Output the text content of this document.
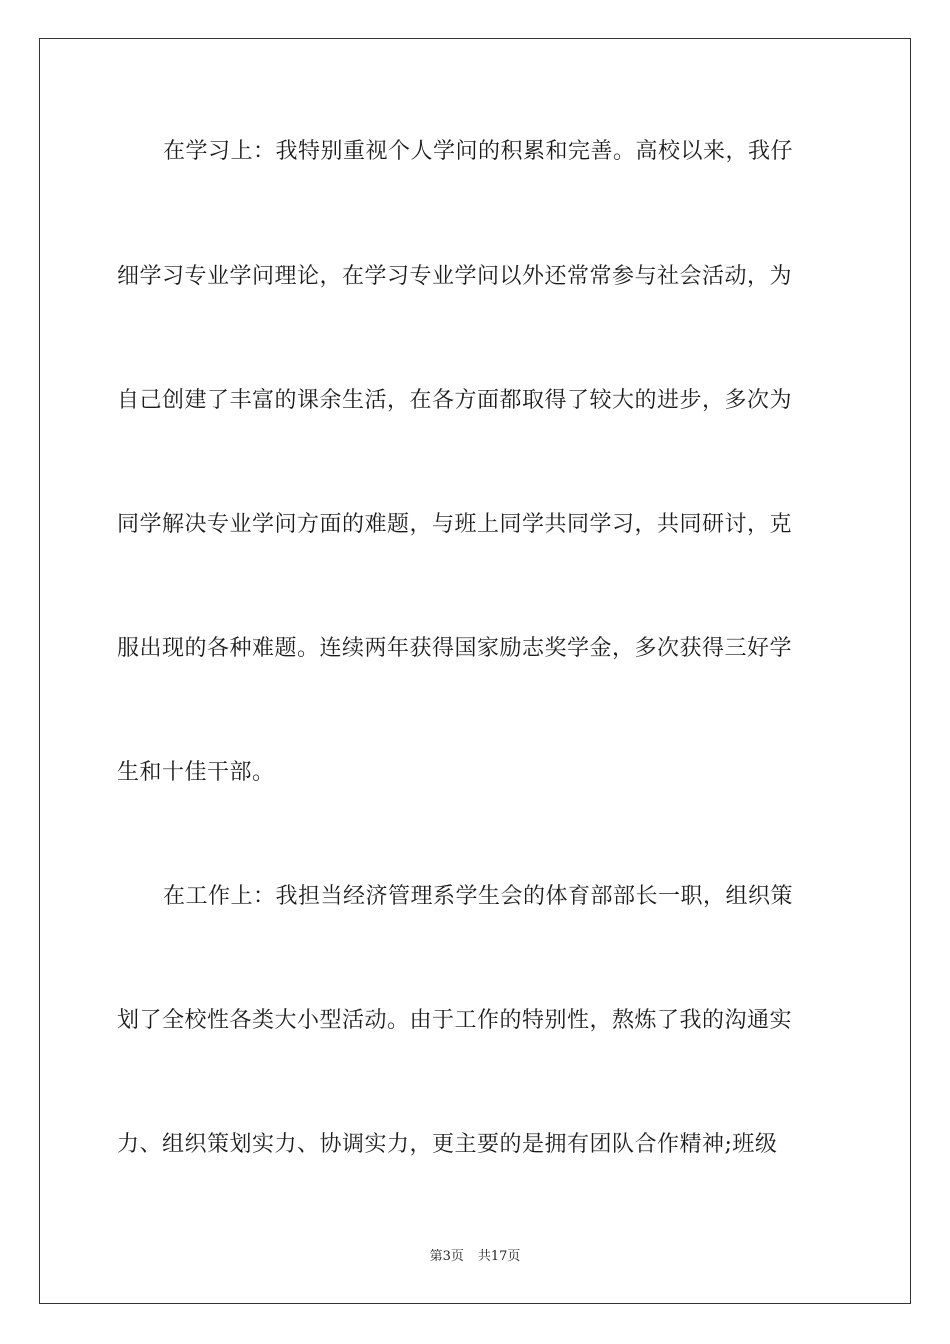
在学习上：我特别重视个人学问的积累和完善。高校以来，我仔
细学习专业学问理论，在学习专业学问以外还常常参与社会活动，为
自己创建了丰富的课余生活，在各方面都取得了较大的进步，多次为
同学解决专业学问方面的难题，与班上同学共同学习，共同研讨，克
服出现的各种难题。连续两年获得国家励志奖学金，多次获得三好学
生和十佳干部。
在工作上：我担当经济管理系学生会的体育部部长一职，组织策
划了全校性各类大小型活动。由于工作的特别性，熬炼了我的沟通实
力、组织策划实力、协调实力，更主要的是拥有团队合作精神;班级
第3页 共17页
